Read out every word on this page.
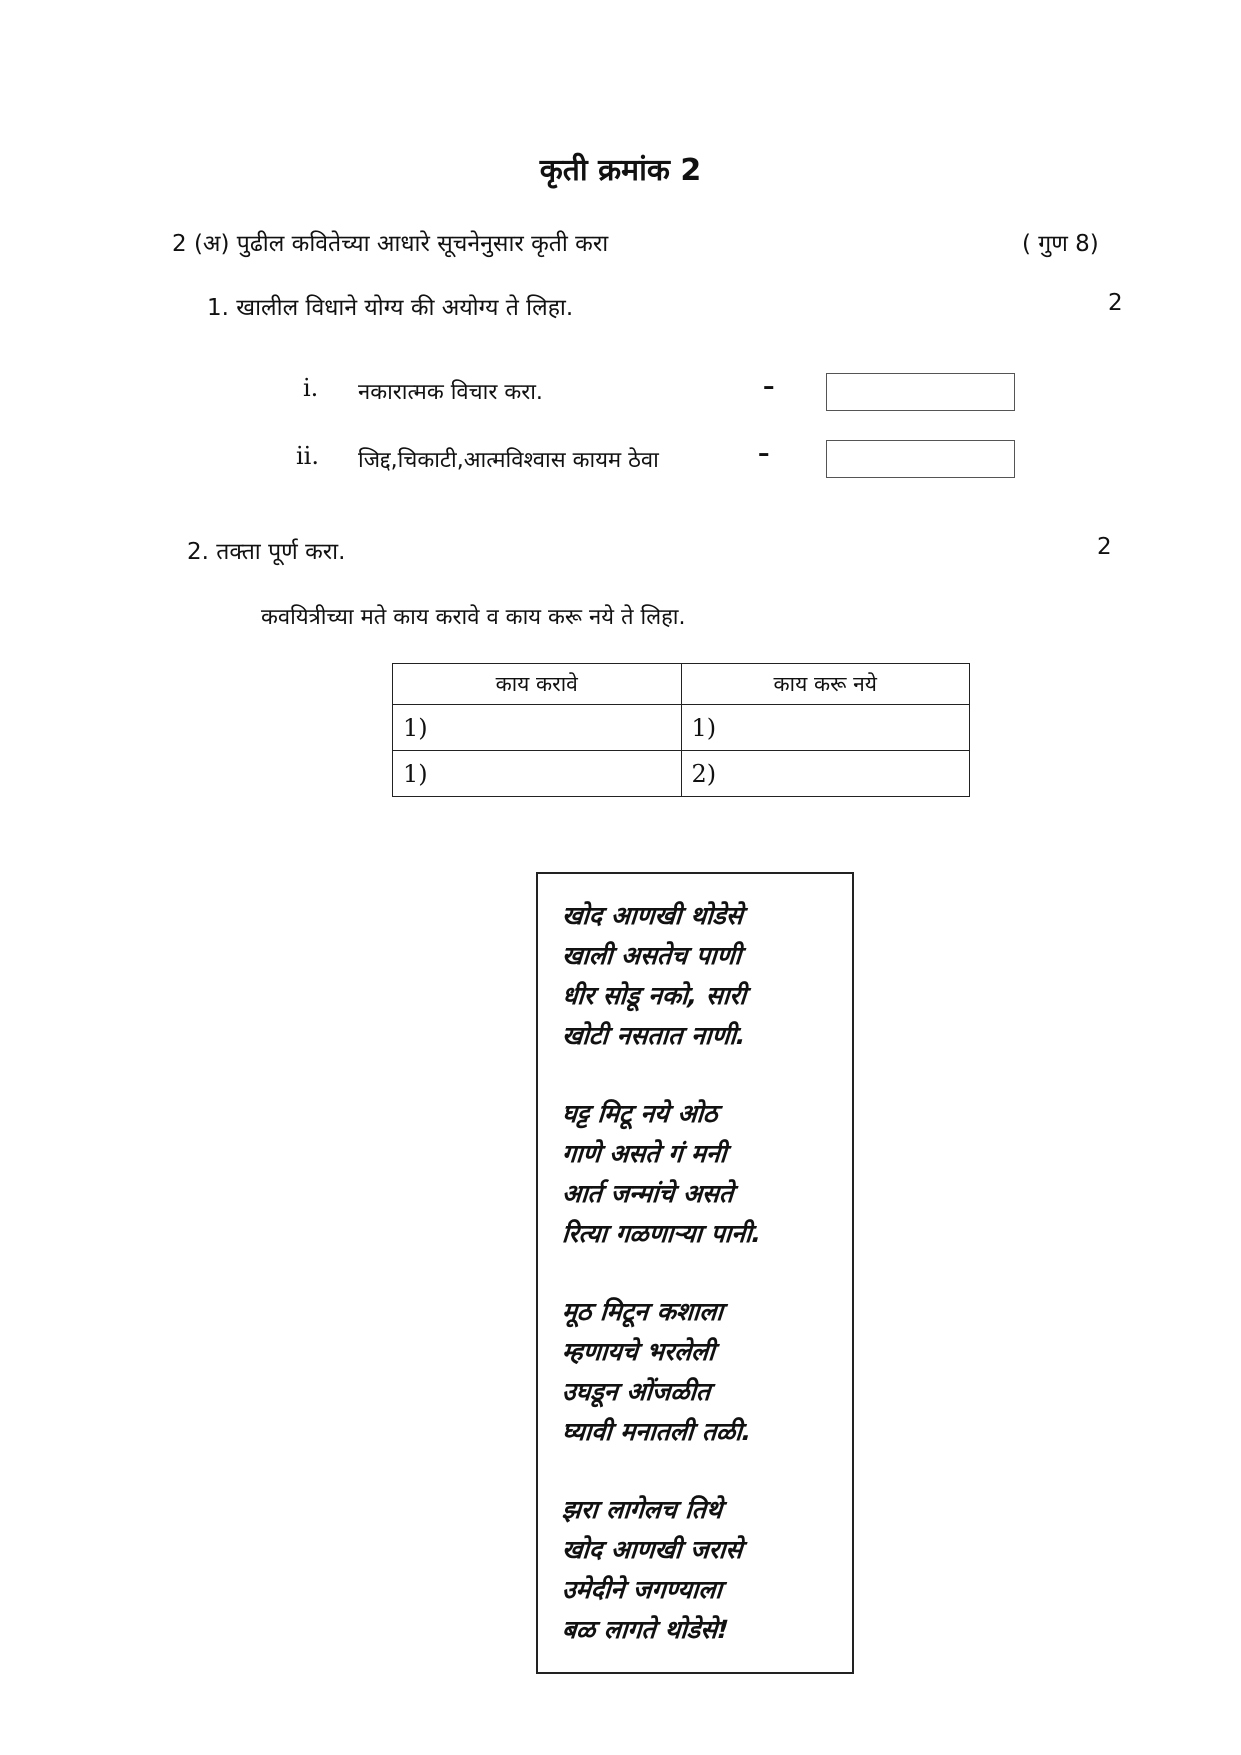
कृती क्रमांक 2
2 (अ) पुढील कवितेच्या आधारे सूचनेनुसार कृती करा	( गुण 8)
1. खालील विधाने योग्य की अयोग्य ते लिहा.	2
i. नकारात्मक विचार करा.	–
ii. जिद्द,चिकाटी,आत्मविश्वास कायम ठेवा	–
2. तक्ता पूर्ण करा.	2
कवयित्रीच्या मते काय करावे व काय करू नये ते लिहा.
काय करावे	काय करू नये
1)	1)
1)	2)
खोद आणखी थोडेसे
खाली असतेच पाणी
धीर सोडू नको, सारी
खोटी नसतात नाणी.
घट्ट मिटू नये ओठ
गाणे असते गं मनी
आर्त जन्मांचे असते
रित्या गळणाऱ्या पानी.
मूठ मिटून कशाला
म्हणायचे भरलेली
उघडून ओंजळीत
घ्यावी मनातली तळी.
झरा लागेलच तिथे
खोद आणखी जरासे
उमेदीने जगण्याला
बळ लागते थोडेसे!
